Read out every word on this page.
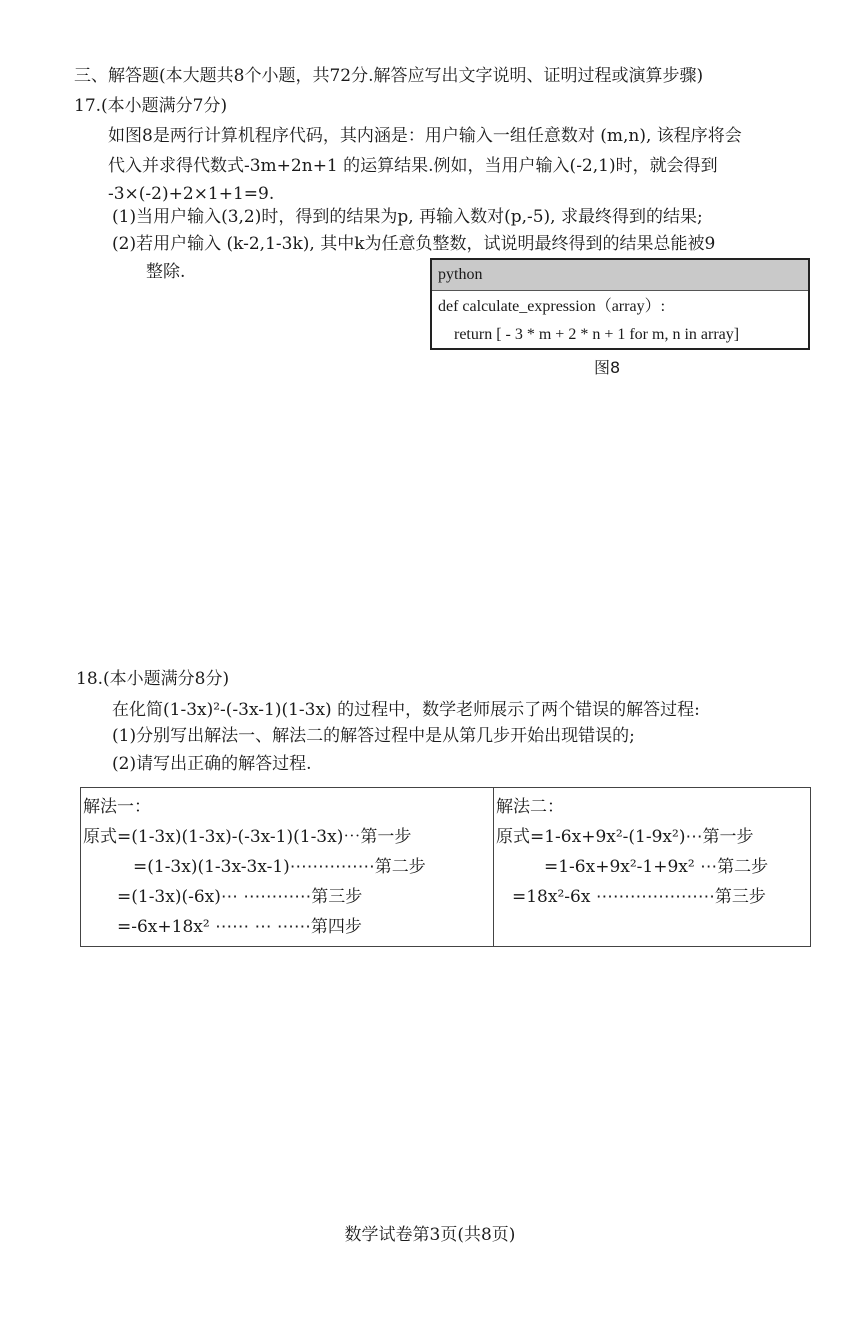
三、解答题(本大题共8个小题，共72分.解答应写出文字说明、证明过程或演算步骤)
17.(本小题满分7分)
如图8是两行计算机程序代码，其内涵是：用户输入一组任意数对 (m,n), 该程序将会
代入并求得代数式-3m+2n+1 的运算结果.例如，当用户输入(-2,1)时，就会得到
-3×(-2)+2×1+1=9.
(1)当用户输入(3,2)时，得到的结果为p, 再输入数对(p,-5), 求最终得到的结果;
(2)若用户输入 (k-2,1-3k), 其中k为任意负整数，试说明最终得到的结果总能被9
整除.	python
def calculate_expression（array）:
return [ - 3 * m + 2 * n + 1 for m, n in array]
图8
18.(本小题满分8分)
在化简(1-3x)²-(-3x-1)(1-3x) 的过程中，数学老师展示了两个错误的解答过程:
(1)分别写出解法一、解法二的解答过程中是从第几步开始出现错误的;
(2)请写出正确的解答过程.
解法一：
原式=(1-3x)(1-3x)-(-3x-1)(1-3x)⋯第一步
=(1-3x)(1-3x-3x-1)⋯⋯⋯⋯⋯第二步
=(1-3x)(-6x)⋯ ⋯⋯⋯⋯第三步
=-6x+18x² ⋯⋯ ⋯ ⋯⋯第四步

解法二：
原式=1-6x+9x²-(1-9x²)⋯第一步
=1-6x+9x²-1+9x² ⋯第二步
=18x²-6x ⋯⋯⋯⋯⋯⋯⋯第三步
数学试卷第3页(共8页)
